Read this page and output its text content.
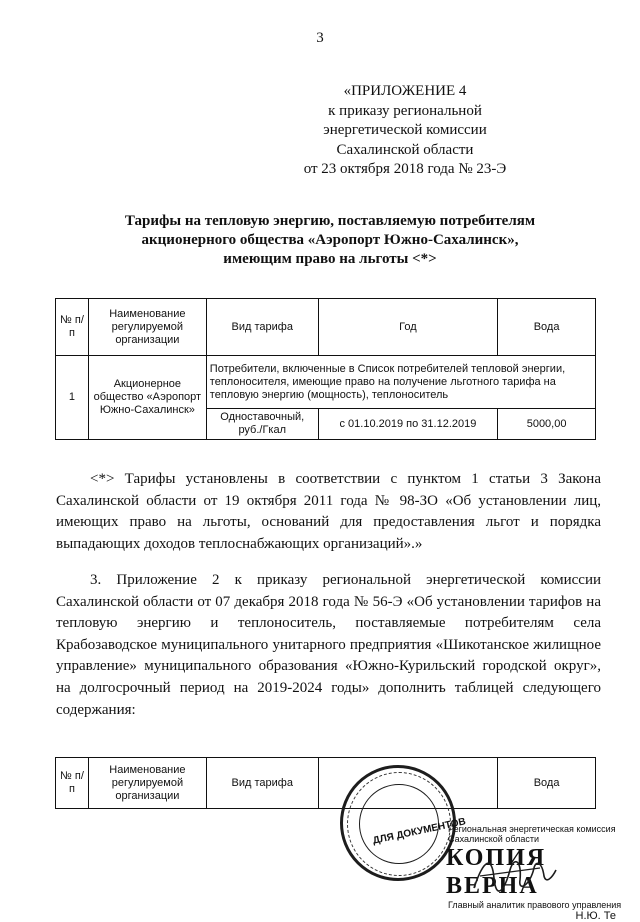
3
«ПРИЛОЖЕНИЕ 4
к приказу региональной
энергетической комиссии
Сахалинской области
от 23 октября 2018 года № 23-Э
Тарифы на тепловую энергию, поставляемую потребителям
акционерного общества «Аэропорт Южно-Сахалинск»,
имеющим право на льготы <*>
№ п/п	Наименование регулируемой организации	Вид тарифа	Год	Вода
1	Акционерное общество «Аэропорт Южно-Сахалинск»	Потребители, включенные в Список потребителей тепловой энергии, теплоносителя, имеющие право на получение льготного тарифа на тепловую энергию (мощность), теплоноситель		
		Одноставочный, руб./Гкал	с 01.10.2019 по 31.12.2019	5000,00

<*> Тарифы установлены в соответствии с пунктом 1 статьи 3 Закона Сахалинской области от 19 октября 2011 года № 98-ЗО «Об установлении лиц, имеющих право на льготы, оснований для предоставления льгот и порядка выпадающих доходов теплоснабжающих организаций».»

3. Приложение 2 к приказу региональной энергетической комиссии Сахалинской области от 07 декабря 2018 года № 56-Э «Об установлении тарифов на тепловую энергию и теплоноситель, поставляемые потребителям села Крабозаводское муниципального унитарного предприятия «Шикотанское жилищное управление» муниципального образования «Южно-Курильский городской округ», на долгосрочный период на 2019-2024 годы» дополнить таблицей следующего содержания:

№ п/п	Наименование регулируемой организации	Вид тарифа		Вода
ДЛЯ ДОКУМЕНТОВ
Региональная энергетическая комиссия Сахалинской области
КОПИЯ ВЕРНА
Главный аналитик правового управления
Н.Ю. Те
